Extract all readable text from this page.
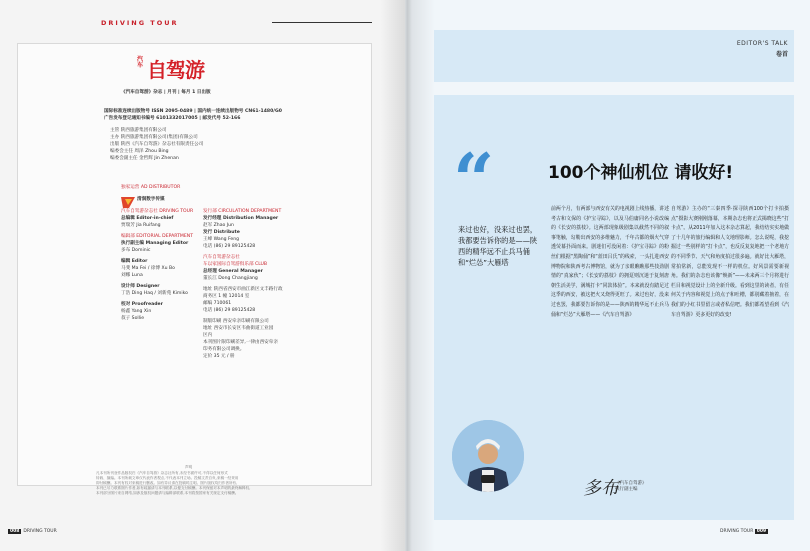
DRIVING TOUR
汽车 自驾游
《汽车自驾游》杂志 | 月刊 | 每月 1 日出版
国际标准连续出版物号 ISSN 2095-0489 | 国内统一连续出版物号 CN61-1480/G0
广告发布登记通知书编号 6101332017005 | 邮发代号 52-166
主管 陕西旅游集团有限公司
主办 陕西旅游集团有限公司(集团)有限公司
出版 陕西《汽车自驾游》杂志社有限责任公司
编委会主任 周泽 Zhou Bing
编委会副主任 金哲辉 Jin Zhenan
独家运营 AD DISTRIBUTOR
清润数字传媒
汽车自驾游杂志社 DRIVING TOUR
总编辑 Editor-in-chief
贾瑞芳 Jia Ruifang
编辑部 EDITORIAL DEPARTMENT
执行副主编 Managing Editor
多布 Dominic
编辑 Editor
马斐 Ma Fei / 徐博 Xu Bo
刘娜 Luna
设计师 Designer
丁浩 Ding Haq / 刘新苑 Kimiko
校对 Proofreader
杨鑫 Yang Xin
叔子 Sollie
发行部 CIRCULATION DEPARTMENT
发行经理 Distribution Manager
赵军 Zhao Jun
发行 Distribute
王峰 Wang Feng
电话 (86) 29 89125428
汽车自驾游杂志社
车以家国际自驾游俱乐部 CLUB
总经理 General Manager
董长江 Dong Changjiang
地址 陕西省西安市曲江新区文丰路行政
商务区 1 幢 12014 室
邮编 710061
电话 (86) 29 89125428
制版印刷 西安牵亲印刷有限公司
地址 西安市长安区韦曲街道工业园
区内
本刊图片限印刷差异,一律由西安牵亲
印务有限公司调换。
定价 35 元 / 册
声明
凡本刊所刊登作品版权归《汽车自驾游》杂志社所有,未经书面许可,不得以任何形式
转载、摘编。本刊所载文章仅代表作者观点,不代表本刊立场。投稿文责自负,来稿一经采用
即付稿酬。本刊有权对来稿进行删改。如有异议请在投稿时注明。图片版权均归作者所有,
本刊已尽力联系图片作者,如有疏漏请与本刊联系,以便支付稿酬。本刊保留对本声明的最终解释权,
本刊部分图片来自网络,如涉及版权问题请与编辑部联系,本刊将按国家有关规定支付稿酬。
008 DRIVING TOUR
EDITOR'S TALK
卷首
“
来过也好，没来过也罢，我都要告诉你的是——陕西的精华远不止兵马俑和“烂怂”大雁塔
100个神仙机位 请收好!
前两个月，有两部与西安有关的电视剧上线热播，讲述考古和文保的《护宝寻踪》，以及马伯庸同名小说改编的《长安的荔枝》。这两部现象级剧集以截然不同的叙事笔触，勾勒出西安的多维魅力，千年古都的烟火气穿透荧幕扑面而来。剧迷们可没闲着：《护宝寻踪》的粉丝们根据“黑陶俑”和“蓝田吕氏”的线索，一头扎进西安博物院和陕西考古博物馆，就为了亲眼瞧瞧那些技劲剧情的“真家伙”；《长安的荔枝》的拥趸则沉迷于复刻唐朝生活美学，满城打卡“同款体验”。本来就没有踏足过这季的西安，被这把火又烧得更旺了。来过也好，没来过也罢，我都要告诉你的是——陕西的精华远不止兵马俑和“烂怂”大雁塔——《汽车自驾游》
自驾游》主办的“三秦四季·探寻陕西100个打卡拍摄点”摄影大赛刚刚落幕，本期杂志也将正式揭晓这些“打卡点”。从2011年加入这本杂志算起，我结结实实地做了十几年的旅行编辑和人文地理影师。怎么说呢，我挖掘过一些别样的“打卡点”，也反反复复地把一个老地方的不同季节、天气和角度拍过很多遍。就好比大雁塔，常拍常新，总能发现不一样的机位。好风景需要新视角。我们的杂志也该像“焕新”——未来两三个月将进行栏目和视觉设计上的全新升级。看到这里的读者，有任何关于内容和视觉上的点子和吐槽，都别藏着掖着，在我们的小红书里留言或者私信吧。我们都希望看到《汽车自驾游》更多更好的改变!
多布
《汽车自驾游》
执行副主编
DRIVING TOUR 009
